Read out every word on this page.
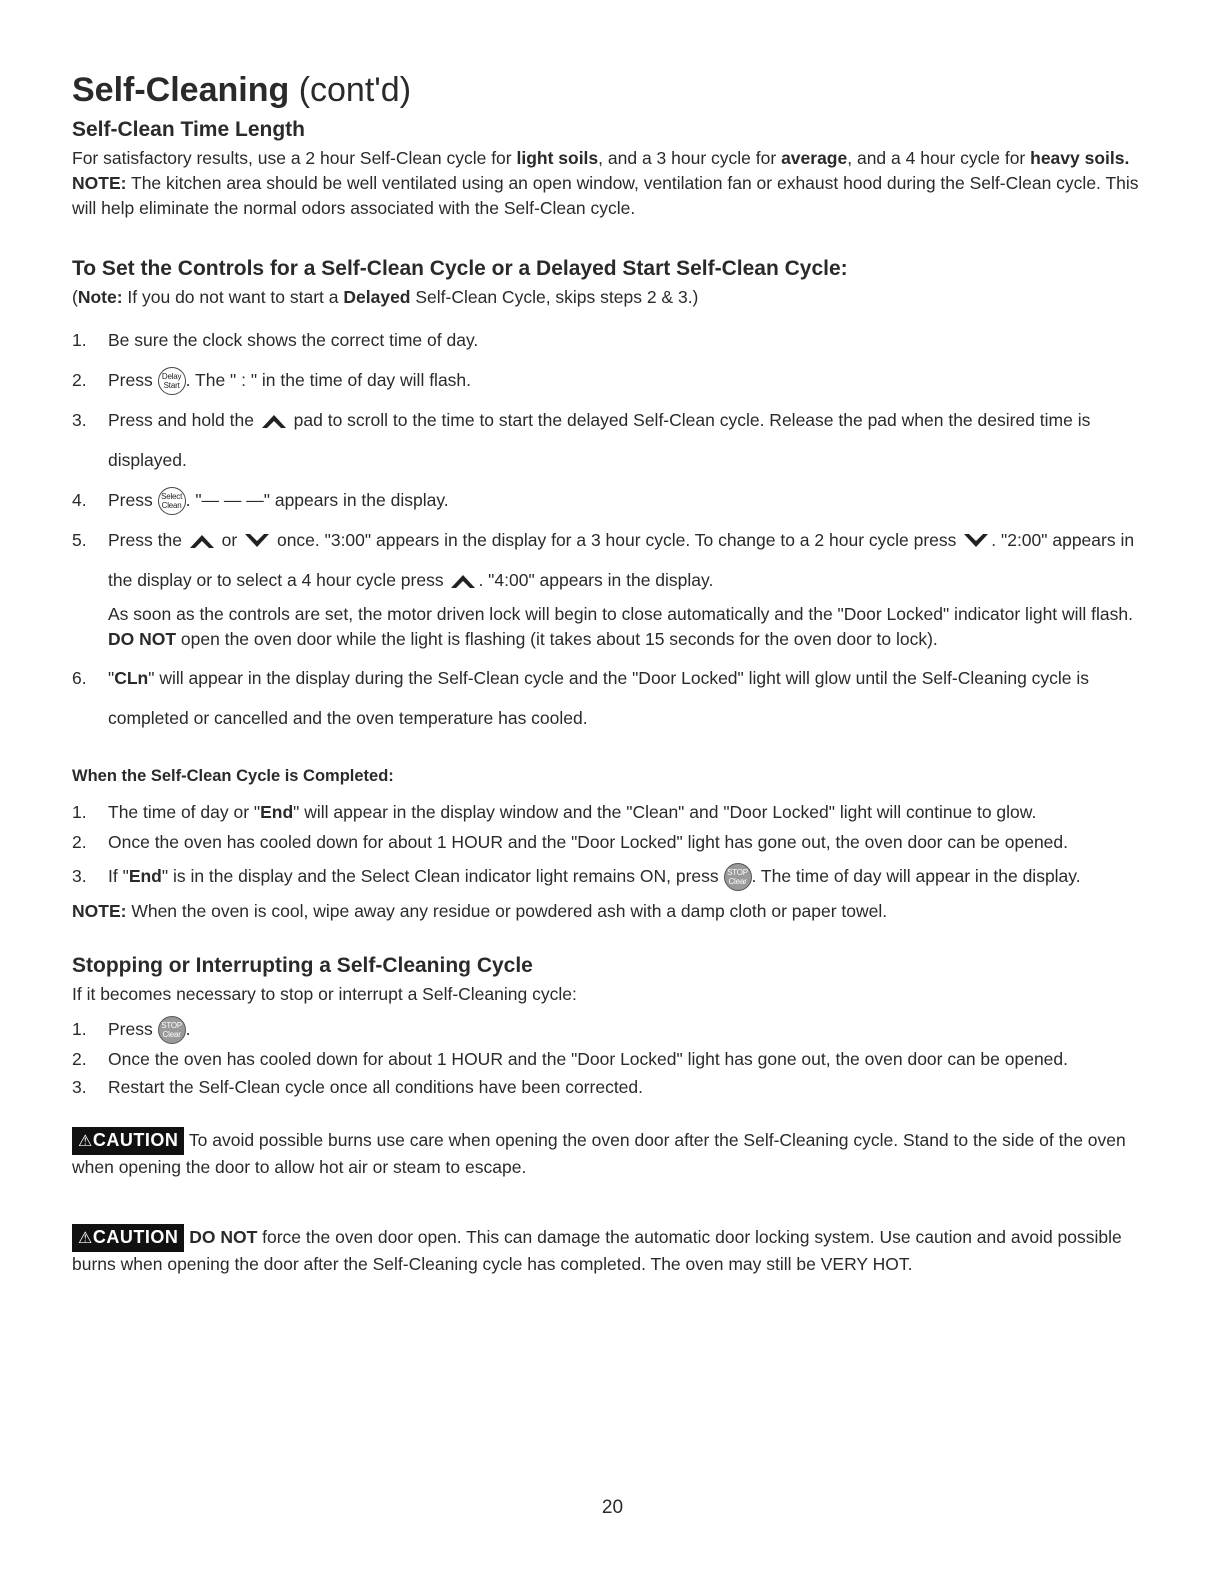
Self-Cleaning (cont'd)
Self-Clean Time Length

For satisfactory results, use a 2 hour Self-Clean cycle for light soils, and a 3 hour cycle for average, and a 4 hour cycle for heavy soils. NOTE: The kitchen area should be well ventilated using an open window, ventilation fan or exhaust hood during the Self-Clean cycle. This will help eliminate the normal odors associated with the Self-Clean cycle.

To Set the Controls for a Self-Clean Cycle or a Delayed Start Self-Clean Cycle:

(Note: If you do not want to start a Delayed Self-Clean Cycle, skips steps 2 & 3.)

1. Be sure the clock shows the correct time of day.
2. Press Delay
Start . The " : " in the time of day will flash.
3. Press and hold the  pad to scroll to the time to start the delayed Self-Clean cycle. Release the pad when the desired time is displayed.
4. Press Select
Clean . "— — —" appears in the display.
5. Press the  or  once. "3:00" appears in the display for a 3 hour cycle. To change to a 2 hour cycle press . "2:00" appears in the display or to select a 4 hour cycle press . "4:00" appears in the display.
As soon as the controls are set, the motor driven lock will begin to close automatically and the "Door Locked" indicator light will flash. DO NOT open the oven door while the light is flashing (it takes about 15 seconds for the oven door to lock).
6. "CLn" will appear in the display during the Self-Clean cycle and the "Door Locked" light will glow until the Self-Cleaning cycle is completed or cancelled and the oven temperature has cooled.
When the Self-Clean Cycle is Completed:
1. The time of day or "End" will appear in the display window and the "Clean" and "Door Locked" light will continue to glow.
2. Once the oven has cooled down for about 1 HOUR and the "Door Locked" light has gone out, the oven door can be opened.
3. If "End" is in the display and the Select Clean indicator light remains ON, press STOP
Clear . The time of day will appear in the display.

NOTE: When the oven is cool, wipe away any residue or powdered ash with a damp cloth or paper towel.

Stopping or Interrupting a Self-Cleaning Cycle

If it becomes necessary to stop or interrupt a Self-Cleaning cycle:

1. Press STOP
Clear .
2. Once the oven has cooled down for about 1 HOUR and the "Door Locked" light has gone out, the oven door can be opened.
3. Restart the Self-Clean cycle once all conditions have been corrected.

⚠CAUTION To avoid possible burns use care when opening the oven door after the Self-Cleaning cycle. Stand to the side of the oven when opening the door to allow hot air or steam to escape.

⚠CAUTION DO NOT force the oven door open. This can damage the automatic door locking system. Use caution and avoid possible burns when opening the door after the Self-Cleaning cycle has completed. The oven may still be VERY HOT.

20
